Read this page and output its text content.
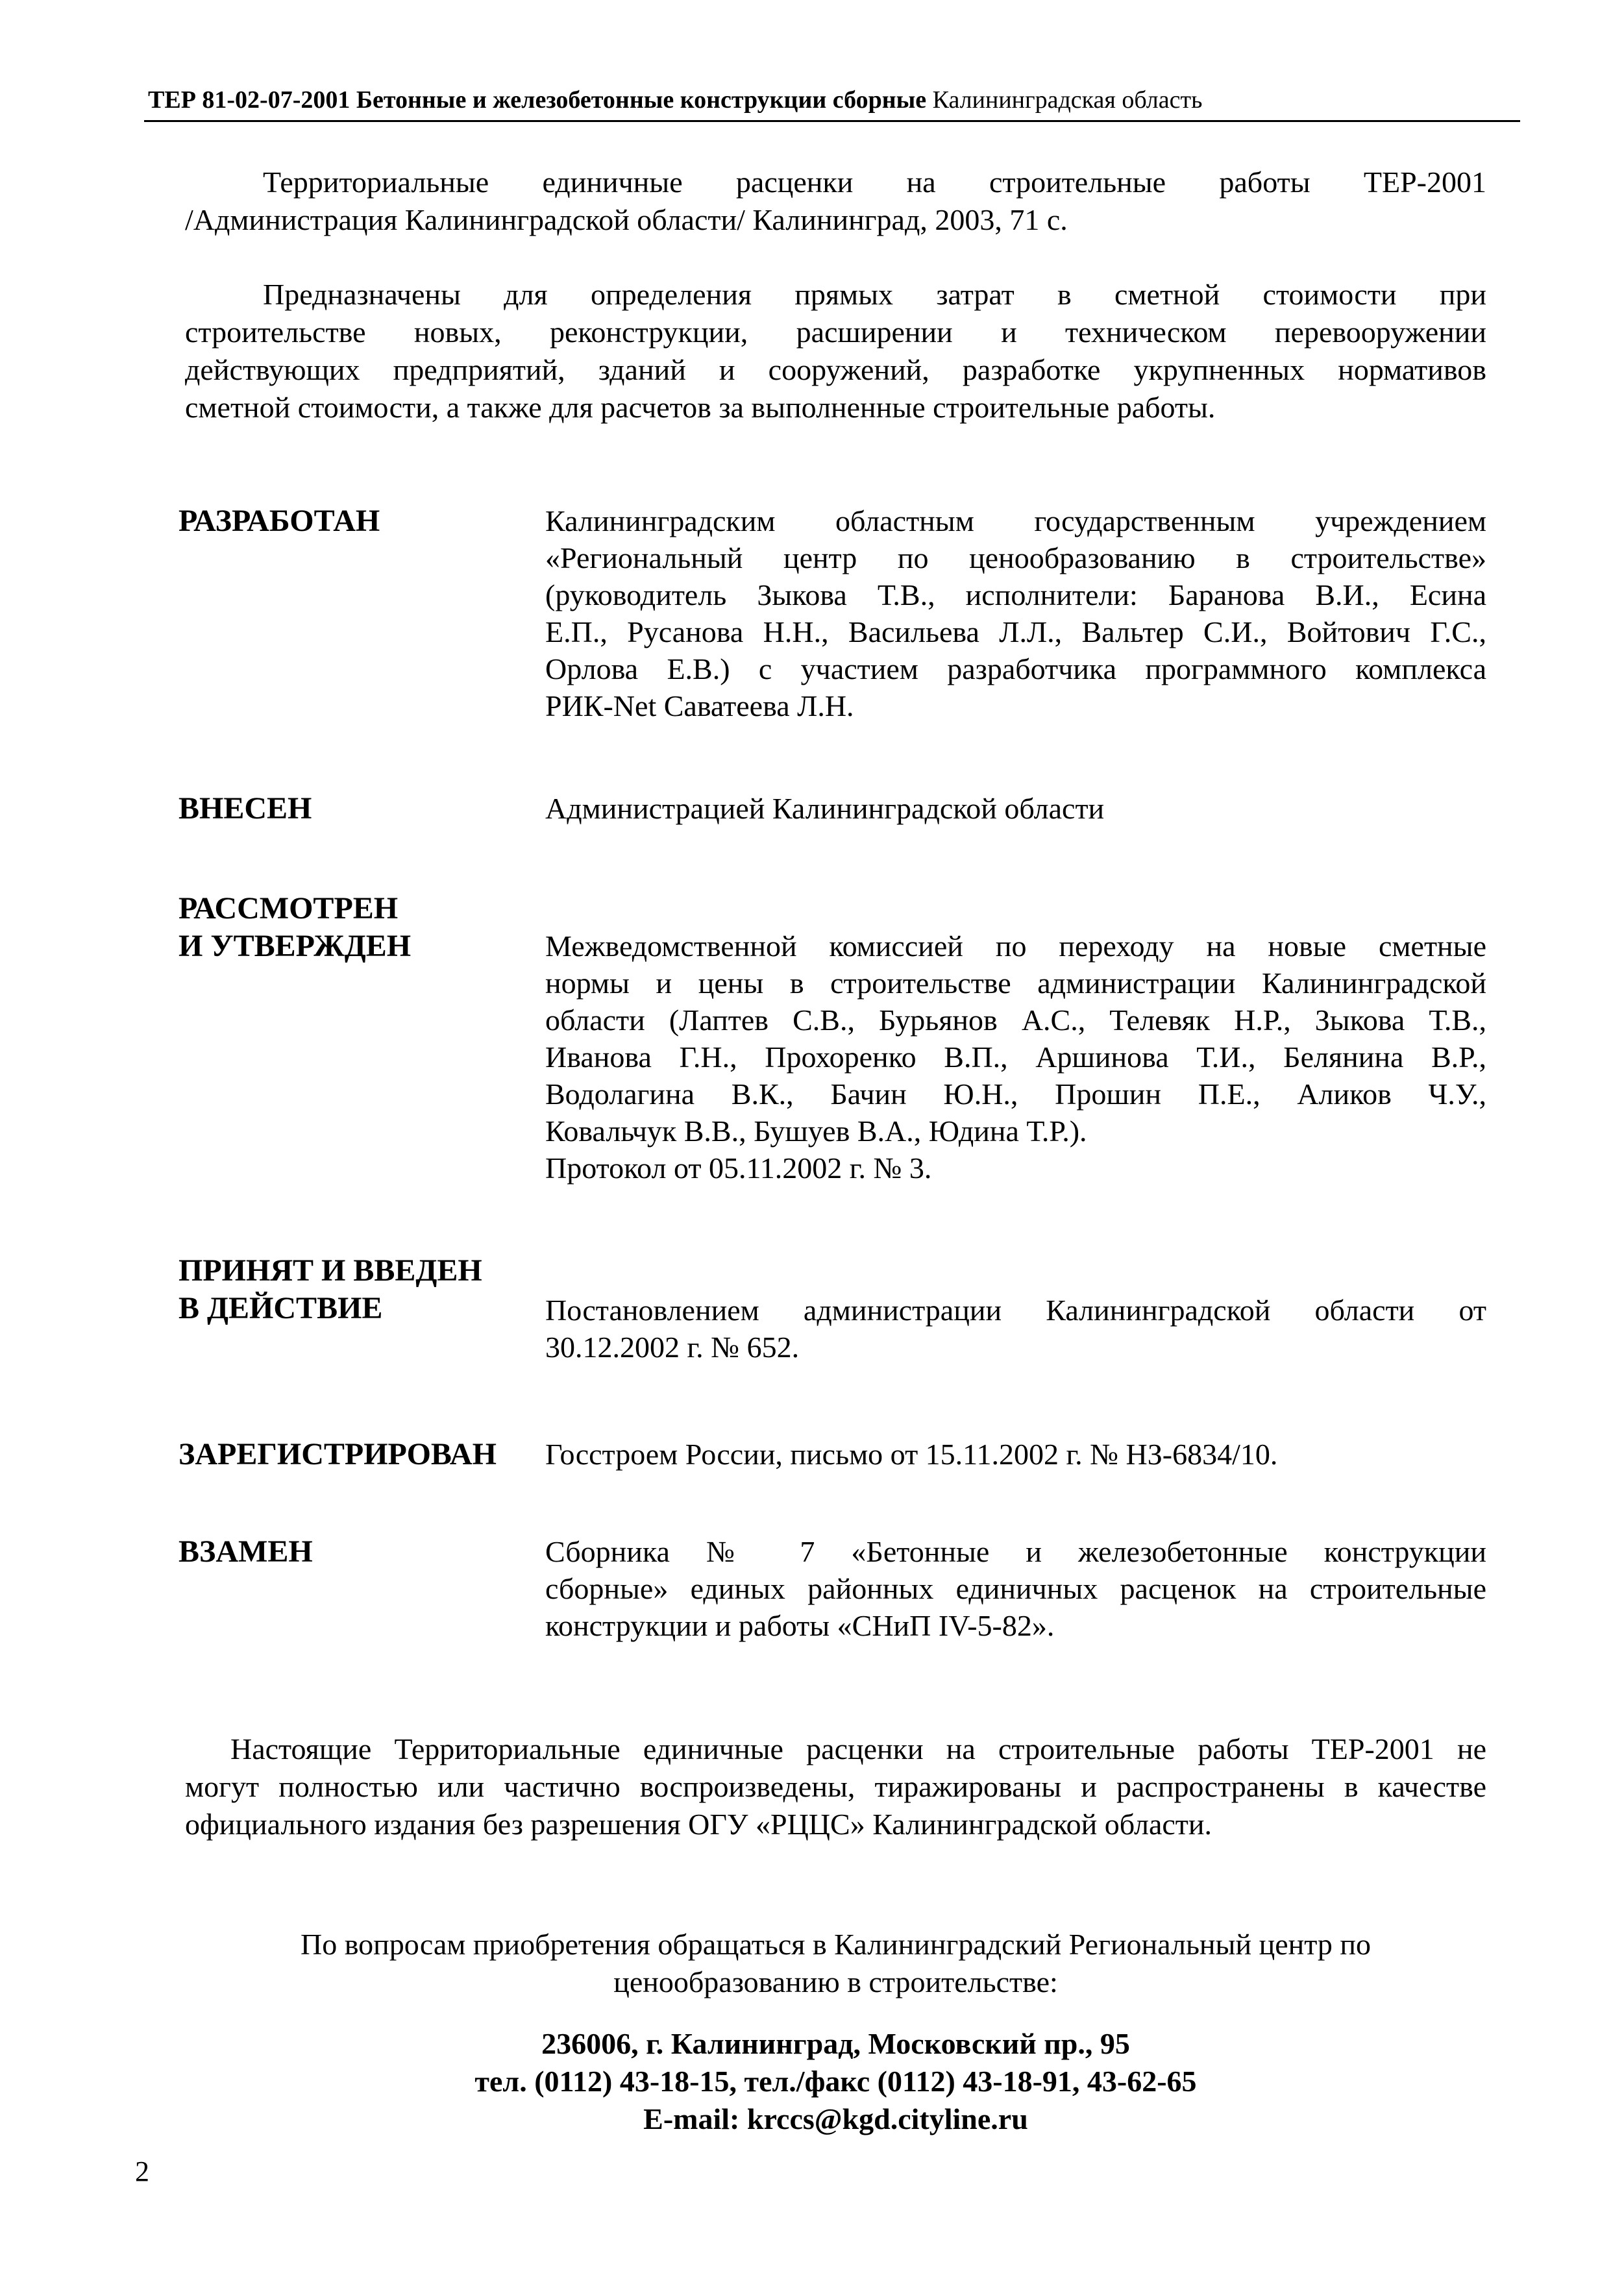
ТЕР 81-02-07-2001 Бетонные и железобетонные конструкции сборные Калининградская область

Территориальные единичные расценки на строительные работы ТЕР-2001
/Администрация Калининградской области/ Калининград, 2003, 71 с.

Предназначены для определения прямых затрат в сметной стоимости при
строительстве новых, реконструкции, расширении и техническом перевооружении
действующих предприятий, зданий и сооружений, разработке укрупненных нормативов
сметной стоимости, а также для расчетов за выполненные строительные работы.

РАЗРАБОТАН	Калининградским областным государственным учреждением
«Региональный центр по ценообразованию в строительстве»
(руководитель Зыкова Т.В., исполнители: Баранова В.И., Есина
Е.П., Русанова Н.Н., Васильева Л.Л., Вальтер С.И., Войтович Г.С.,
Орлова Е.В.) с участием разработчика программного комплекса
РИК-Net Саватеева Л.Н.

ВНЕСЕН	Администрацией Калининградской области

РАССМОТРЕН
И УТВЕРЖДЕН	Межведомственной комиссией по переходу на новые сметные
нормы и цены в строительстве администрации Калининградской
области (Лаптев С.В., Бурьянов А.С., Телевяк Н.Р., Зыкова Т.В.,
Иванова Г.Н., Прохоренко В.П., Аршинова Т.И., Белянина В.Р.,
Водолагина В.К., Бачин Ю.Н., Прошин П.Е., Аликов Ч.У.,
Ковальчук В.В., Бушуев В.А., Юдина Т.Р.).
Протокол от 05.11.2002 г. № 3.

ПРИНЯТ И ВВЕДЕН
В ДЕЙСТВИЕ	Постановлением администрации Калининградской области от
30.12.2002 г. № 652.

ЗАРЕГИСТРИРОВАН Госстроем России, письмо от 15.11.2002 г. № НЗ-6834/10.

ВЗАМЕН	Сборника № 7 «Бетонные и железобетонные конструкции
сборные» единых районных единичных расценок на строительные
конструкции и работы «СНиП IV-5-82».

Настоящие Территориальные единичные расценки на строительные работы ТЕР-2001 не
могут полностью или частично воспроизведены, тиражированы и распространены в качестве
официального издания без разрешения ОГУ «РЦЦС» Калининградской области.

По вопросам приобретения обращаться в Калининградский Региональный центр по
ценообразованию в строительстве:

236006, г. Калининград, Московский пр., 95
тел. (0112) 43-18-15, тел./факс (0112) 43-18-91, 43-62-65
E-mail: krccs@kgd.cityline.ru

2
